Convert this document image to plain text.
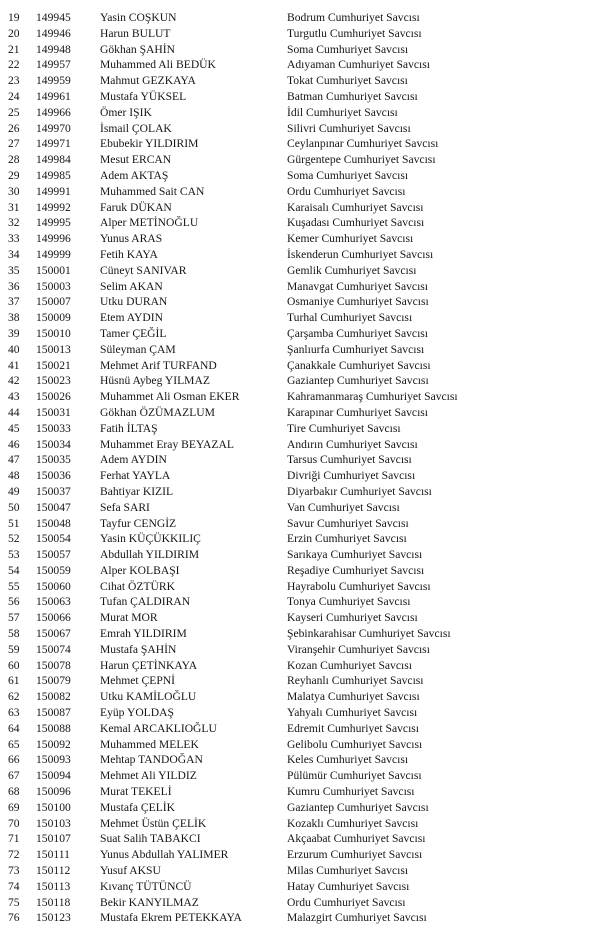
19 149945	Yasin COŞKUN	Bodrum Cumhuriyet Savcısı
20 149946	Harun BULUT	Turgutlu Cumhuriyet Savcısı
21 149948	Gökhan ŞAHİN	Soma Cumhuriyet Savcısı
22 149957	Muhammed Ali BEDÜK	Adıyaman Cumhuriyet Savcısı
23 149959	Mahmut GEZKAYA	Tokat Cumhuriyet Savcısı
24 149961	Mustafa YÜKSEL	Batman Cumhuriyet Savcısı
25 149966	Ömer IŞIK	İdil Cumhuriyet Savcısı
26 149970	İsmail ÇOLAK	Silivri Cumhuriyet Savcısı
27 149971	Ebubekir YILDIRIM	Ceylanpınar Cumhuriyet Savcısı
28 149984	Mesut ERCAN	Gürgentepe Cumhuriyet Savcısı
29 149985	Adem AKTAŞ	Soma Cumhuriyet Savcısı
30 149991	Muhammed Sait CAN	Ordu Cumhuriyet Savcısı
31 149992	Faruk DÜKAN	Karaisalı Cumhuriyet Savcısı
32 149995	Alper METİNOĞLU	Kuşadası Cumhuriyet Savcısı
33 149996	Yunus ARAS	Kemer Cumhuriyet Savcısı
34 149999	Fetih KAYA	İskenderun Cumhuriyet Savcısı
35 150001	Cüneyt SANIVAR	Gemlik Cumhuriyet Savcısı
36 150003	Selim AKAN	Manavgat Cumhuriyet Savcısı
37 150007	Utku DURAN	Osmaniye Cumhuriyet Savcısı
38 150009	Etem AYDIN	Turhal Cumhuriyet Savcısı
39 150010	Tamer ÇEĞİL	Çarşamba Cumhuriyet Savcısı
40 150013	Süleyman ÇAM	Şanlıurfa Cumhuriyet Savcısı
41 150021	Mehmet Arif TURFAND	Çanakkale Cumhuriyet Savcısı
42 150023	Hüsnü Aybeg YILMAZ	Gaziantep Cumhuriyet Savcısı
43 150026	Muhammet Ali Osman EKER	Kahramanmaraş Cumhuriyet Savcısı
44 150031	Gökhan ÖZÜMAZLUM	Karapınar Cumhuriyet Savcısı
45 150033	Fatih İLTAŞ	Tire Cumhuriyet Savcısı
46 150034	Muhammet Eray BEYAZAL	Andırın Cumhuriyet Savcısı
47 150035	Adem AYDIN	Tarsus Cumhuriyet Savcısı
48 150036	Ferhat YAYLA	Divriği Cumhuriyet Savcısı
49 150037	Bahtiyar KIZIL	Diyarbakır Cumhuriyet Savcısı
50 150047	Sefa SARI	Van Cumhuriyet Savcısı
51 150048	Tayfur CENGİZ	Savur Cumhuriyet Savcısı
52 150054	Yasin KÜÇÜKKILIÇ	Erzin Cumhuriyet Savcısı
53 150057	Abdullah YILDIRIM	Sarıkaya Cumhuriyet Savcısı
54 150059	Alper KOLBAŞI	Reşadiye Cumhuriyet Savcısı
55 150060	Cihat ÖZTÜRK	Hayrabolu Cumhuriyet Savcısı
56 150063	Tufan ÇALDIRAN	Tonya Cumhuriyet Savcısı
57 150066	Murat MOR	Kayseri Cumhuriyet Savcısı
58 150067	Emrah YILDIRIM	Şebinkarahisar Cumhuriyet Savcısı
59 150074	Mustafa ŞAHİN	Viranşehir Cumhuriyet Savcısı
60 150078	Harun ÇETİNKAYA	Kozan Cumhuriyet Savcısı
61 150079	Mehmet ÇEPNİ	Reyhanlı Cumhuriyet Savcısı
62 150082	Utku KAMİLOĞLU	Malatya Cumhuriyet Savcısı
63 150087	Eyüp YOLDAŞ	Yahyalı Cumhuriyet Savcısı
64 150088	Kemal ARCAKLIOĞLU	Edremit Cumhuriyet Savcısı
65 150092	Muhammed MELEK	Gelibolu Cumhuriyet Savcısı
66 150093	Mehtap TANDOĞAN	Keles Cumhuriyet Savcısı
67 150094	Mehmet Ali YILDIZ	Pülümür Cumhuriyet Savcısı
68 150096	Murat TEKELİ	Kumru Cumhuriyet Savcısı
69 150100	Mustafa ÇELİK	Gaziantep Cumhuriyet Savcısı
70 150103	Mehmet Üstün ÇELİK	Kozaklı Cumhuriyet Savcısı
71 150107	Suat Salih TABAKCI	Akçaabat Cumhuriyet Savcısı
72 150111	Yunus Abdullah YALIMER	Erzurum Cumhuriyet Savcısı
73 150112	Yusuf AKSU	Milas Cumhuriyet Savcısı
74 150113	Kıvanç TÜTÜNCÜ	Hatay Cumhuriyet Savcısı
75 150118	Bekir KANYILMAZ	Ordu Cumhuriyet Savcısı
76 150123	Mustafa Ekrem PETEKKAYA	Malazgirt Cumhuriyet Savcısı
